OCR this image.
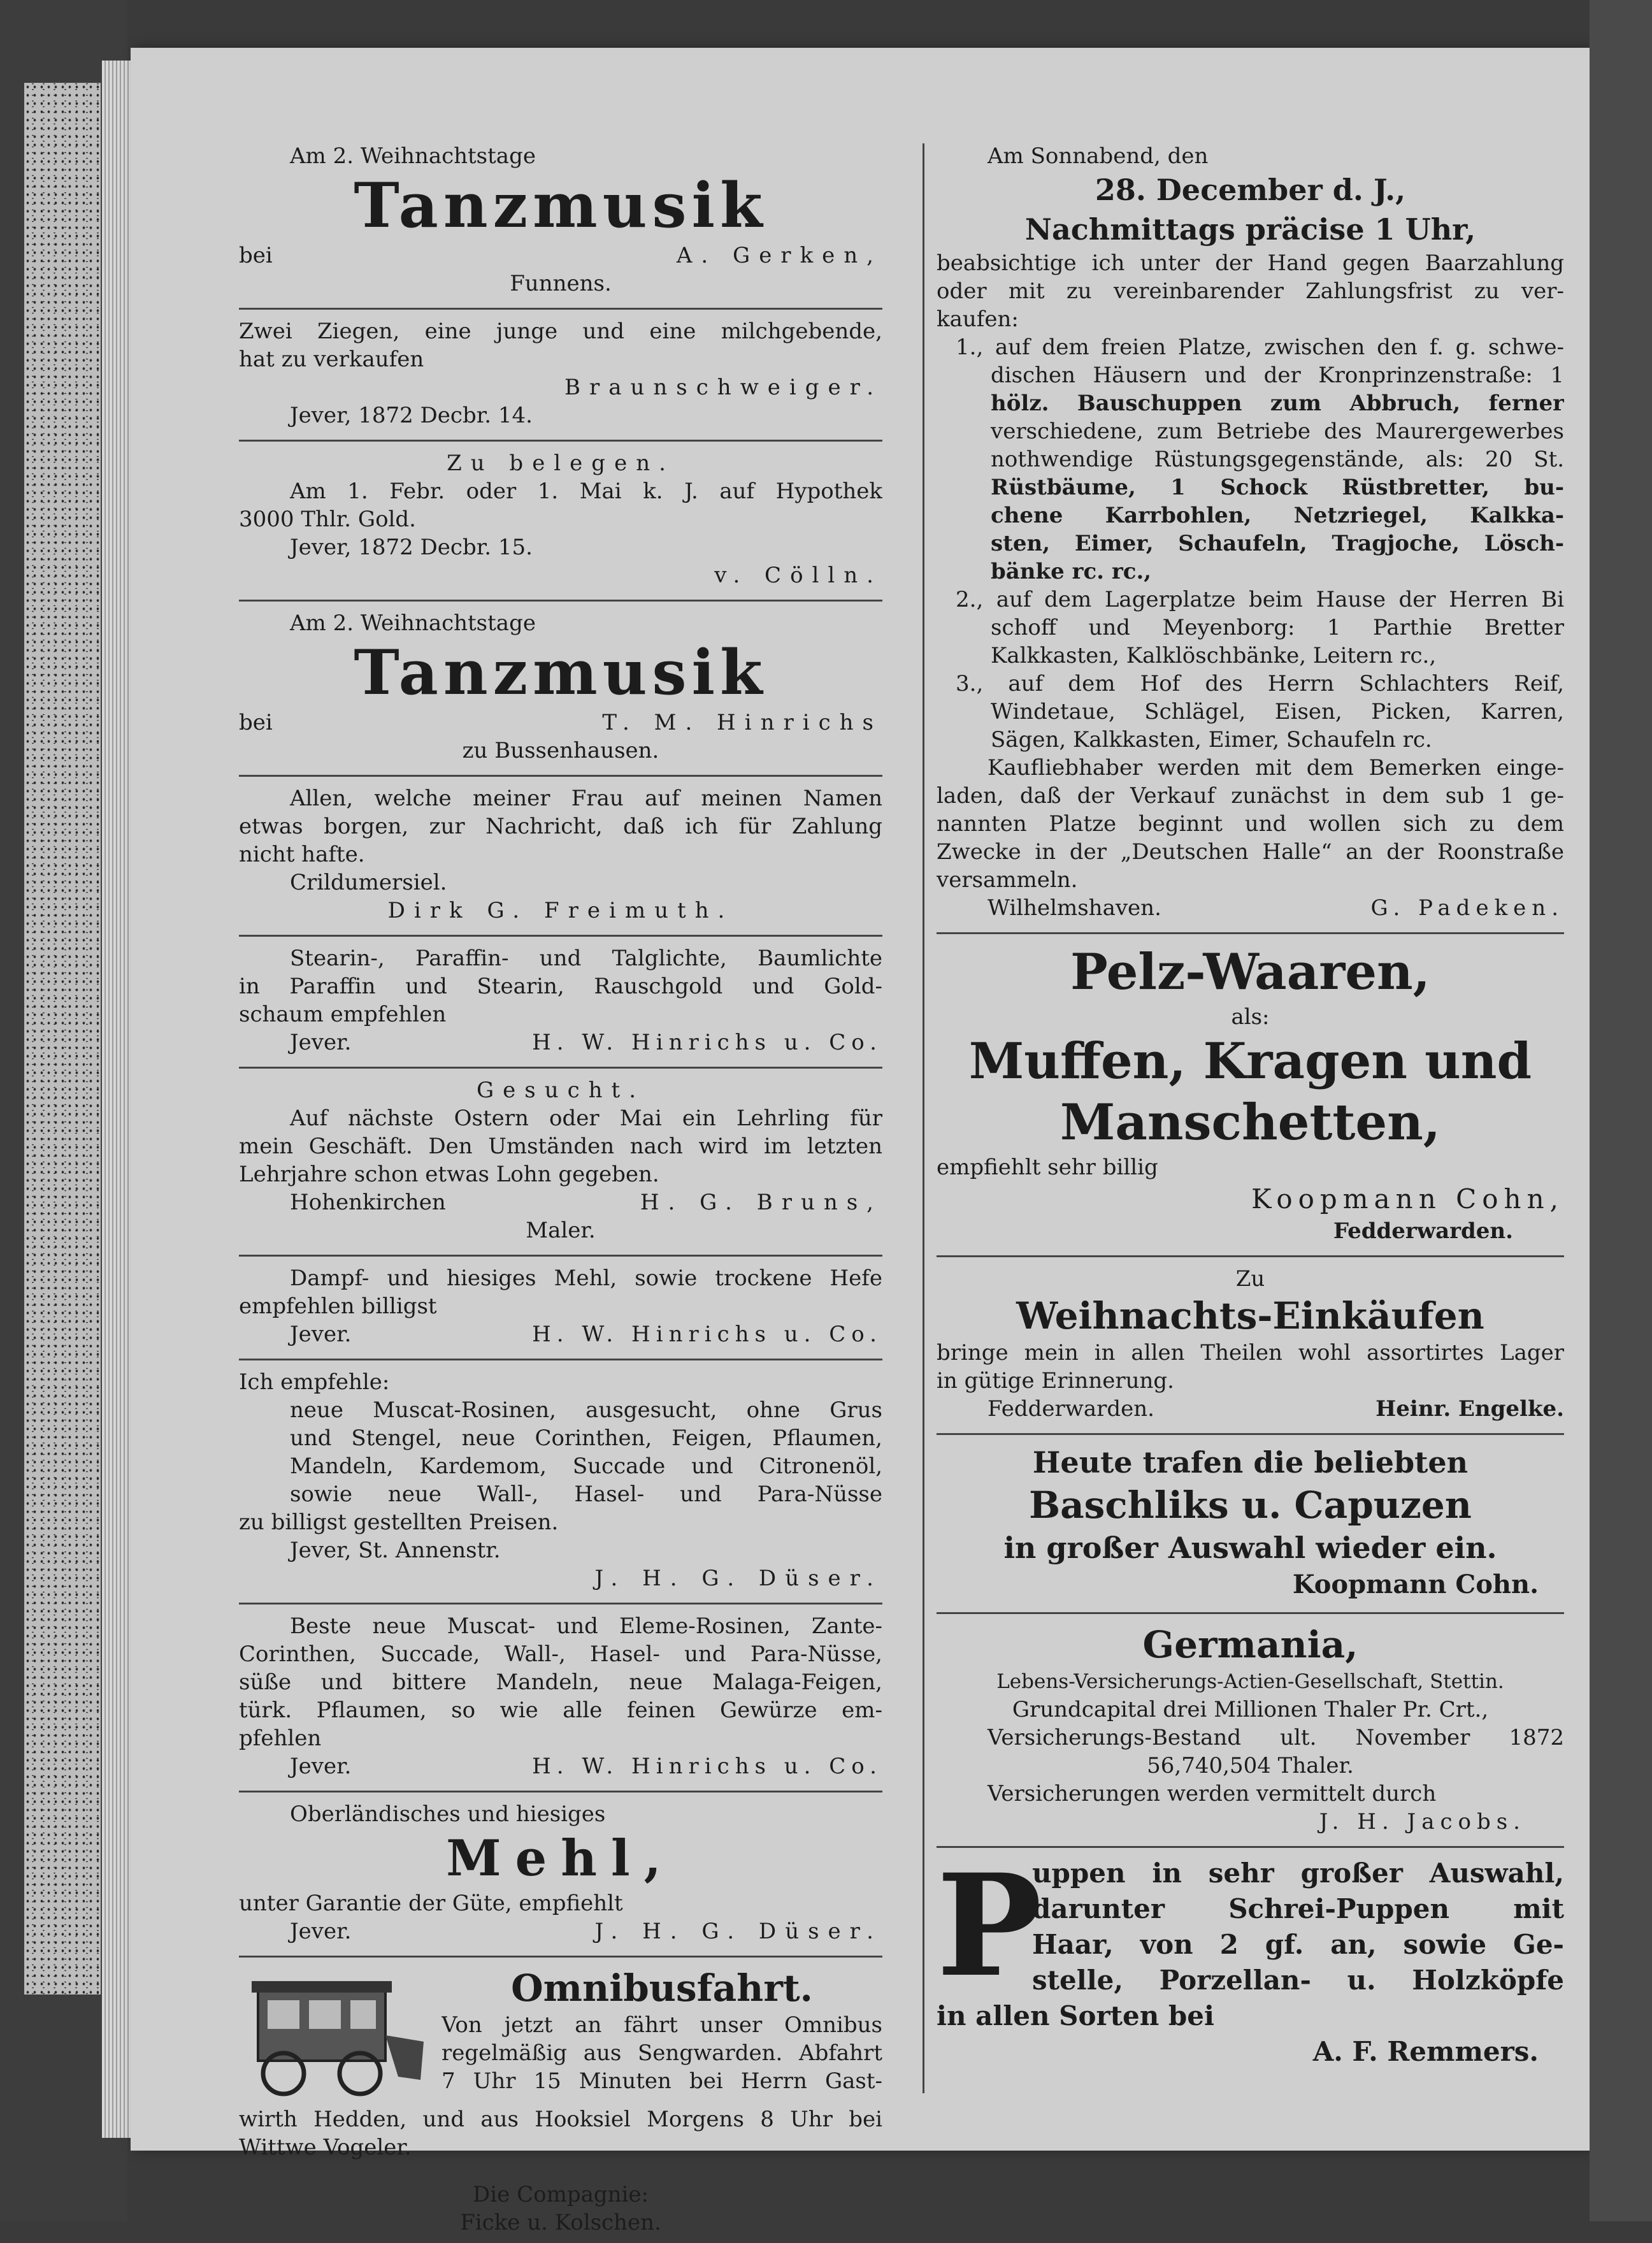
Am 2. Weihnachtstage
Tanzmusik
bei	A. Gerken,
Funnens.
Zwei Ziegen, eine junge und eine milchgebende,
hat zu verkaufen
Braunschweiger.
Jever, 1872 Decbr. 14.
Zu belegen.
Am 1. Febr. oder 1. Mai k. J. auf Hypothek
3000 Thlr. Gold.
Jever, 1872 Decbr. 15.
v. Cölln.
Am 2. Weihnachtstage
Tanzmusik
bei	T. M. Hinrichs
zu Bussenhausen.
Allen, welche meiner Frau auf meinen Namen
etwas borgen, zur Nachricht, daß ich für Zahlung
nicht hafte.
Crildumersiel.
Dirk G. Freimuth.
Stearin-, Paraffin- und Talglichte, Baumlichte
in Paraffin und Stearin, Rauschgold und Gold-
schaum empfehlen
Jever.	H. W. Hinrichs u. Co.
Gesucht.
Auf nächste Ostern oder Mai ein Lehrling für
mein Geschäft. Den Umständen nach wird im letzten
Lehrjahre schon etwas Lohn gegeben.
Hohenkirchen	H. G. Bruns,
Maler.
Dampf- und hiesiges Mehl, sowie trockene Hefe
empfehlen billigst
Jever.	H. W. Hinrichs u. Co.
Ich empfehle:
neue Muscat-Rosinen, ausgesucht, ohne Grus
und Stengel, neue Corinthen, Feigen, Pflaumen,
Mandeln, Kardemom, Succade und Citronenöl,
sowie neue Wall-, Hasel- und Para-Nüsse
zu billigst gestellten Preisen.
Jever, St. Annenstr.
J. H. G. Düser.
Beste neue Muscat- und Eleme-Rosinen, Zante-
Corinthen, Succade, Wall-, Hasel- und Para-Nüsse,
süße und bittere Mandeln, neue Malaga-Feigen,
türk. Pflaumen, so wie alle feinen Gewürze em-
pfehlen
Jever.	H. W. Hinrichs u. Co.
Oberländisches und hiesiges
Mehl,
unter Garantie der Güte, empfiehlt
Jever.	J. H. G. Düser.
Omnibusfahrt.
Von jetzt an fährt unser Omnibus
regelmäßig aus Sengwarden. Abfahrt
7 Uhr 15 Minuten bei Herrn Gast-
wirth Hedden, und aus Hooksiel Morgens 8 Uhr bei
Wittwe Vogeler.
Die Compagnie:
Ficke u. Kolschen.
Am Sonnabend, den
28. December d. J.,
Nachmittags präcise 1 Uhr,
beabsichtige ich unter der Hand gegen Baarzahlung
oder mit zu vereinbarender Zahlungsfrist zu ver-
kaufen:
1., auf dem freien Platze, zwischen den f. g. schwe-
dischen Häusern und der Kronprinzenstraße: 1
hölz. Bauschuppen zum Abbruch, ferner
verschiedene, zum Betriebe des Maurergewerbes
nothwendige Rüstungsgegenstände, als: 20 St.
Rüstbäume, 1 Schock Rüstbretter, bu-
chene Karrbohlen, Netzriegel, Kalkka-
sten, Eimer, Schaufeln, Tragjoche, Lösch-
bänke rc. rc.,
2., auf dem Lagerplatze beim Hause der Herren Bi
schoff und Meyenborg: 1 Parthie Bretter
Kalkkasten, Kalklöschbänke, Leitern rc.,
3., auf dem Hof des Herrn Schlachters Reif,
Windetaue, Schlägel, Eisen, Picken, Karren,
Sägen, Kalkkasten, Eimer, Schaufeln rc.
Kaufliebhaber werden mit dem Bemerken einge-
laden, daß der Verkauf zunächst in dem sub 1 ge-
nannten Platze beginnt und wollen sich zu dem
Zwecke in der „Deutschen Halle“ an der Roonstraße
versammeln.
Wilhelmshaven.	G. Padeken.
Pelz-Waaren,
als:
Muffen, Kragen und
Manschetten,
empfiehlt sehr billig
Koopmann Cohn,
Fedderwarden.
Zu
Weihnachts-Einkäufen
bringe mein in allen Theilen wohl assortirtes Lager
in gütige Erinnerung.
Fedderwarden.	Heinr. Engelke.
Heute trafen die beliebten
Baschliks u. Capuzen
in großer Auswahl wieder ein.
Koopmann Cohn.
Germania,
Lebens-Versicherungs-Actien-Gesellschaft, Stettin.
Grundcapital drei Millionen Thaler Pr. Crt.,
Versicherungs-Bestand ult. November 1872
56,740,504 Thaler.
Versicherungen werden vermittelt durch
J. H. Jacobs.
P
uppen in sehr großer Auswahl,
darunter Schrei-Puppen mit
Haar, von 2 gf. an, sowie Ge-
stelle, Porzellan- u. Holzköpfe
in allen Sorten bei
A. F. Remmers.
